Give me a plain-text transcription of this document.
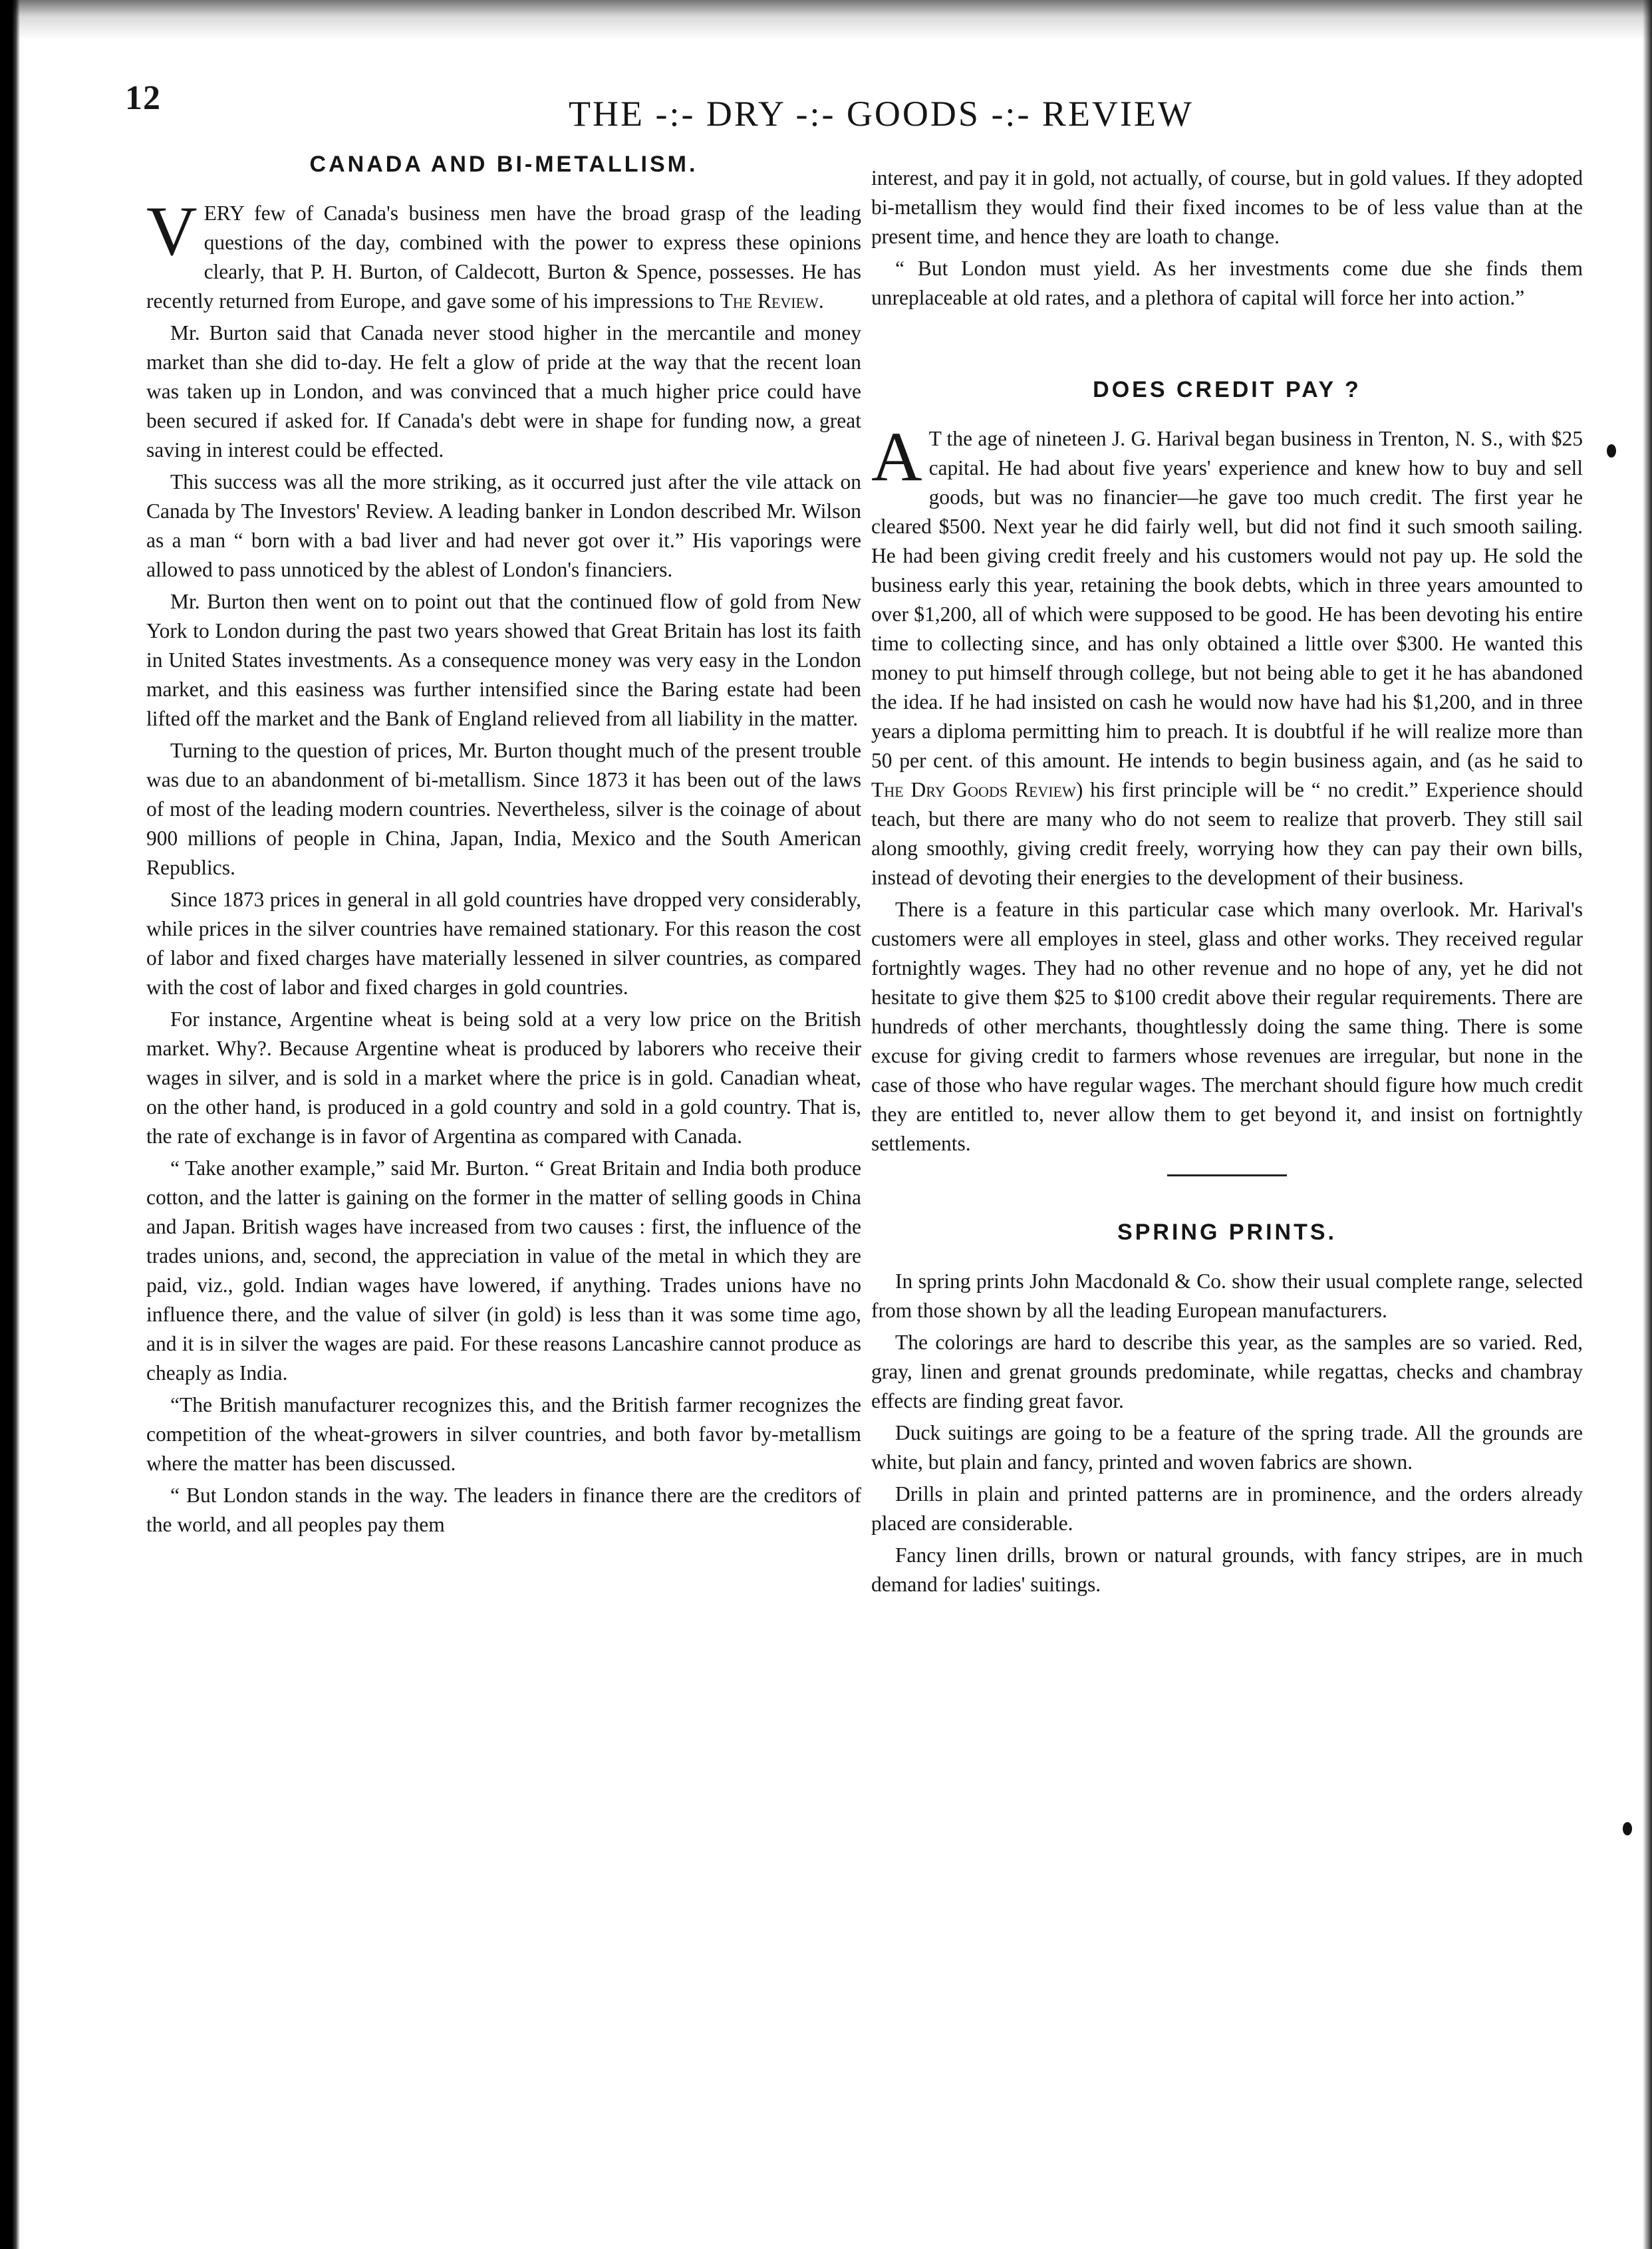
12	THE -:- DRY -:- GOODS -:- REVIEW
CANADA AND BI-METALLISM.

VERY few of Canada's business men have the broad grasp of the leading questions of the day, combined with the power to express these opinions clearly, that P. H. Burton, of Caldecott, Burton & Spence, possesses. He has recently returned from Europe, and gave some of his impressions to The Review.

Mr. Burton said that Canada never stood higher in the mercantile and money market than she did to-day. He felt a glow of pride at the way that the recent loan was taken up in London, and was convinced that a much higher price could have been secured if asked for. If Canada's debt were in shape for funding now, a great saving in interest could be effected.

This success was all the more striking, as it occurred just after the vile attack on Canada by The Investors' Review. A leading banker in London described Mr. Wilson as a man “ born with a bad liver and had never got over it.” His vaporings were allowed to pass unnoticed by the ablest of London's financiers.

Mr. Burton then went on to point out that the continued flow of gold from New York to London during the past two years showed that Great Britain has lost its faith in United States investments. As a consequence money was very easy in the London market, and this easiness was further intensified since the Baring estate had been lifted off the market and the Bank of England relieved from all liability in the matter.

Turning to the question of prices, Mr. Burton thought much of the present trouble was due to an abandonment of bi-metallism. Since 1873 it has been out of the laws of most of the leading modern countries. Nevertheless, silver is the coinage of about 900 millions of people in China, Japan, India, Mexico and the South American Republics.

Since 1873 prices in general in all gold countries have dropped very considerably, while prices in the silver countries have remained stationary. For this reason the cost of labor and fixed charges have materially lessened in silver countries, as compared with the cost of labor and fixed charges in gold countries.

For instance, Argentine wheat is being sold at a very low price on the British market. Why?. Because Argentine wheat is produced by laborers who receive their wages in silver, and is sold in a market where the price is in gold. Canadian wheat, on the other hand, is produced in a gold country and sold in a gold country. That is, the rate of exchange is in favor of Argentina as compared with Canada.

“ Take another example,” said Mr. Burton. “ Great Britain and India both produce cotton, and the latter is gaining on the former in the matter of selling goods in China and Japan. British wages have increased from two causes : first, the influence of the trades unions, and, second, the appreciation in value of the metal in which they are paid, viz., gold. Indian wages have lowered, if anything. Trades unions have no influence there, and the value of silver (in gold) is less than it was some time ago, and it is in silver the wages are paid. For these reasons Lancashire cannot produce as cheaply as India.

“The British manufacturer recognizes this, and the British farmer recognizes the competition of the wheat-growers in silver countries, and both favor by-metallism where the matter has been discussed.

“ But London stands in the way. The leaders in finance there are the creditors of the world, and all peoples pay them

interest, and pay it in gold, not actually, of course, but in gold values. If they adopted bi-metallism they would find their fixed incomes to be of less value than at the present time, and hence they are loath to change.

“ But London must yield. As her investments come due she finds them unreplaceable at old rates, and a plethora of capital will force her into action.”

DOES CREDIT PAY ?

A T the age of nineteen J. G. Harival began business in Trenton, N. S., with $25 capital. He had about five years' experience and knew how to buy and sell goods, but was no financier—he gave too much credit. The first year he cleared $500. Next year he did fairly well, but did not find it such smooth sailing. He had been giving credit freely and his customers would not pay up. He sold the business early this year, retaining the book debts, which in three years amounted to over $1,200, all of which were supposed to be good. He has been devoting his entire time to collecting since, and has only obtained a little over $300. He wanted this money to put himself through college, but not being able to get it he has abandoned the idea. If he had insisted on cash he would now have had his $1,200, and in three years a diploma permitting him to preach. It is doubtful if he will realize more than 50 per cent. of this amount. He intends to begin business again, and (as he said to The Dry Goods Review) his first principle will be “ no credit.” Experience should teach, but there are many who do not seem to realize that proverb. They still sail along smoothly, giving credit freely, worrying how they can pay their own bills, instead of devoting their energies to the development of their business.

There is a feature in this particular case which many overlook. Mr. Harival's customers were all employes in steel, glass and other works. They received regular fortnightly wages. They had no other revenue and no hope of any, yet he did not hesitate to give them $25 to $100 credit above their regular requirements. There are hundreds of other merchants, thoughtlessly doing the same thing. There is some excuse for giving credit to farmers whose revenues are irregular, but none in the case of those who have regular wages. The merchant should figure how much credit they are entitled to, never allow them to get beyond it, and insist on fortnightly settlements.

SPRING PRINTS.

In spring prints John Macdonald & Co. show their usual complete range, selected from those shown by all the leading European manufacturers.

The colorings are hard to describe this year, as the samples are so varied. Red, gray, linen and grenat grounds predominate, while regattas, checks and chambray effects are finding great favor.

Duck suitings are going to be a feature of the spring trade. All the grounds are white, but plain and fancy, printed and woven fabrics are shown.

Drills in plain and printed patterns are in prominence, and the orders already placed are considerable.

Fancy linen drills, brown or natural grounds, with fancy stripes, are in much demand for ladies' suitings.
